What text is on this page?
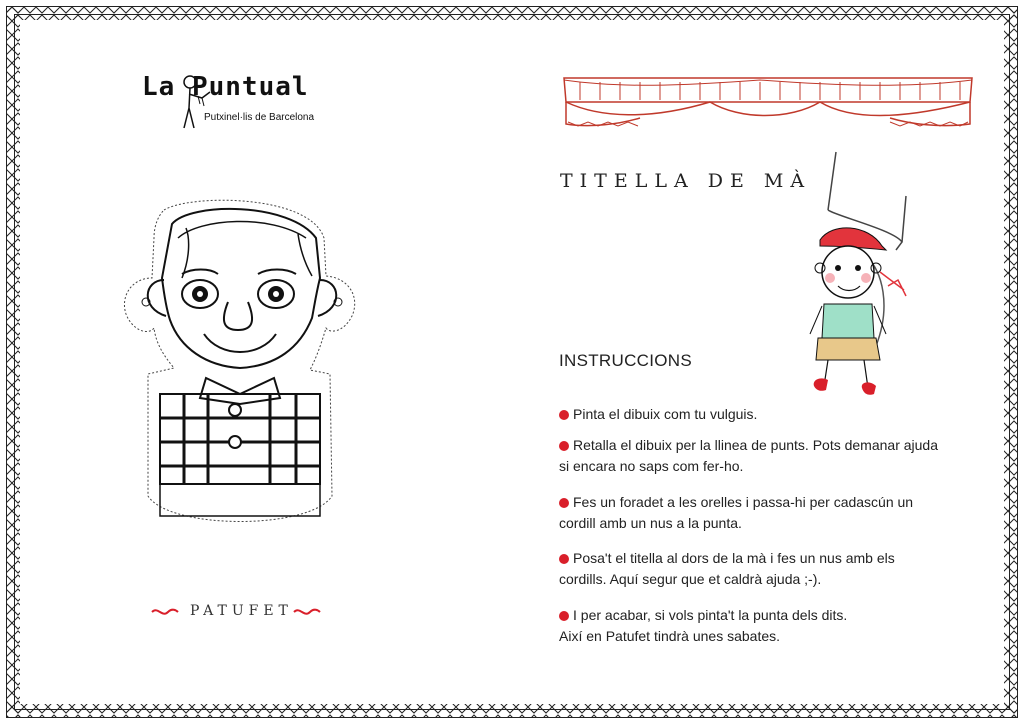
La Puntual
Putxinel·lis de Barcelona
PATUFET
TITELLA DE MÀ
INSTRUCCIONS
Pinta el dibuix com tu vulguis.
Retalla el dibuix per la llinea de punts. Pots demanar ajuda
si encara no saps com fer-ho.
Fes un foradet a les orelles i passa-hi per cadascún un
cordill amb un nus a la punta.
Posa't el titella al dors de la mà i fes un nus amb els
cordills. Aquí segur que et caldrà ajuda ;-).
I per acabar, si vols pinta't la punta dels dits.
Així en Patufet tindrà unes sabates.
